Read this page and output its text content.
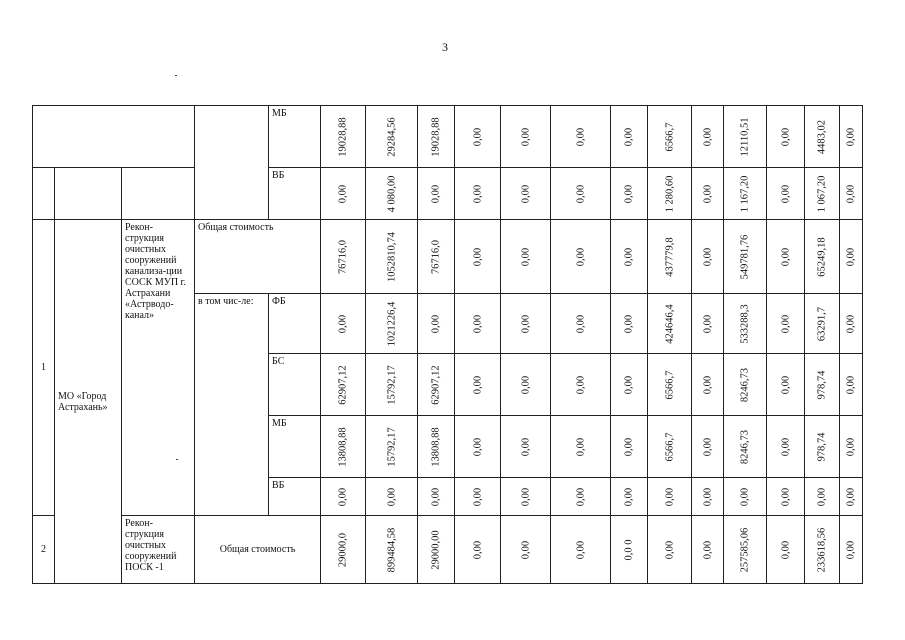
3
				МБ	19028,88	29284,56	19028,88	0,00	0,00	0,00	0,00	6566,7	0,00	12110,51	0,00	4483,02	0,00

				ВБ	0,00	4 080,00	0,00	0,00	0,00	0,00	0,00	1 280,60	0,00	1 167,20	0,00	1 067,20	0,00

1	МО «Город Астрахань»	Рекон-струкция очистных сооружений канализа-ции СОСК МУП г. Астрахани «Астрводо-канал»	Общая стоимость		76716,0	1052810,74	76716,0	0,00	0,00	0,00	0,00	437779,8	0,00	549781,76	0,00	65249,18	0,00

			в том чис-ле:	ФБ	0,00	1021226,4	0,00	0,00	0,00	0,00	0,00	424646,4	0,00	533288,3	0,00	63291,7	0,00

				БС	62907,12	15792,17	62907,12	0,00	0,00	0,00	0,00	6566,7	0,00	8246,73	0,00	978,74	0,00

				МБ	13808,88	15792,17	13808,88	0,00	0,00	0,00	0,00	6566,7	0,00	8246,73	0,00	978,74	0,00

				ВБ	0,00	0,00	0,00	0,00	0,00	0,00	0,00	0,00	0,00	0,00	0,00	0,00	0,00

2		Рекон-струкция очистных сооружений ПОСК -1	Общая стоимость		29000,0	899484,58	29000,00	0,00	0,00	0,00	0,0 0	0,00	0,00	257585,06	0,00	233618,56	0,00
